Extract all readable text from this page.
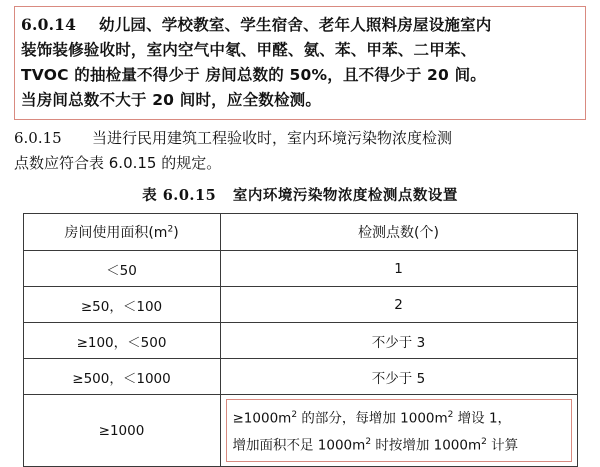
6.0.14 幼儿园、学校教室、学生宿舍、老年人照料房屋设施室内
装饰装修验收时，室内空气中氡、甲醛、氨、苯、甲苯、二甲苯、
TVOC 的抽检量不得少于 房间总数的 50%，且不得少于 20 间。
当房间总数不大于 20 间时，应全数检测。
6.0.15 当进行民用建筑工程验收时，室内环境污染物浓度检测
点数应符合表 6.0.15 的规定。
表 6.0.15 室内环境污染物浓度检测点数设置
房间使用面积$(m^2)$	检测点数(个)
＜50	1
≥50，＜100	2
≥100，＜500	不少于 3
≥500，＜1000	不少于 5
≥1000	$\ge 1000m^2$ 的部分，每增加 $1000m^2$ 增设 1，
增加面积不足 $1000m^2$ 时按增加 $1000m^2$ 计算
